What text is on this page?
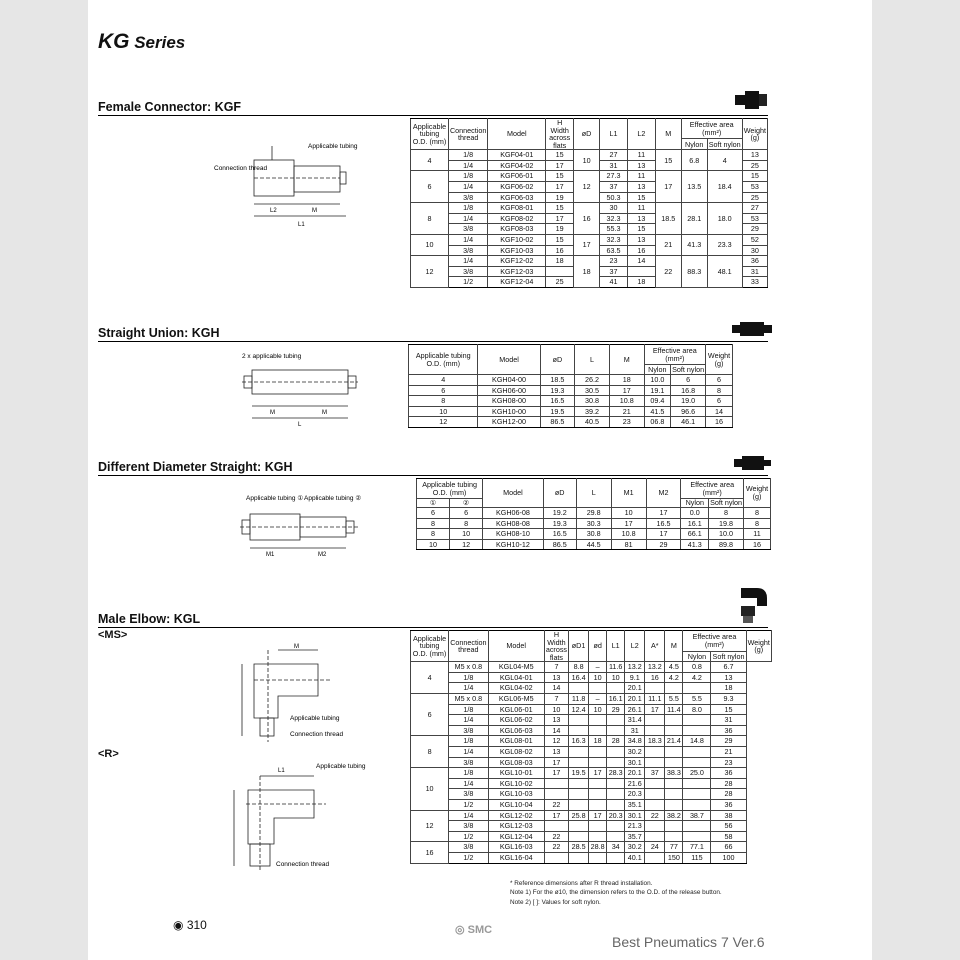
KG Series
Female Connector: KGF
Connection thread
Applicable tubing
L2	M
L1
Applicable tubing O.D. (mm)	Connection thread	Model	H Width across flats	øD	L1	L2	M	Effective area (mm²)		Weight (g)
								Nylon	Soft nylon	
4	1/8	KGF04-01	15	10	27	11	15	6.8	4	13
	1/4	KGF04-02	17		31	13				25
6	1/8	KGF06-01	15	12	27.3	11	17	13.5	18.4	15
	1/4	KGF06-02	17		37	13				53
	3/8	KGF06-03	19		50.3	15				25
8	1/8	KGF08-01	15	16	30	11	18.5	28.1	18.0	27
	1/4	KGF08-02	17		32.3	13				53
	3/8	KGF08-03	19		55.3	15				29
10	1/4	KGF10-02	15	17	32.3	13	21	41.3	23.3	52
	3/8	KGF10-03	16		63.5	16				30
12	1/4	KGF12-02	18	18	23	14	22	88.3	48.1	36
	3/8	KGF12-03			37					31
	1/2	KGF12-04	25		41	18				33
Straight Union: KGH
2 x applicable tubing
M	M
L
Applicable tubing O.D. (mm)	Model	øD	L	M	Effective area (mm²)		Weight (g)
					Nylon	Soft nylon	
4	KGH04-00	18.5	26.2	18	10.0	6	6
6	KGH06-00	19.3	30.5	17	19.1	16.8	8
8	KGH08-00	16.5	30.8	10.8	09.4	19.0	6
10	KGH10-00	19.5	39.2	21	41.5	96.6	14
12	KGH12-00	86.5	40.5	23	06.8	46.1	16
Different Diameter Straight: KGH
Applicable tubing ① Applicable tubing ②
M1	M2
Applicable tubing O.D. (mm)		Model	øD	L	M1	M2	Effective area (mm²)		Weight (g)

①	②						Nylon	Soft nylon	
6	6	KGH06-08	19.2	29.8	10	17	0.0	8	8
8	8	KGH08-08	19.3	30.3	17	16.5	16.1	19.8	8
8	10	KGH08-10	16.5	30.8	10.8	17	66.1	10.0	11
10	12	KGH10-12	86.5	44.5	81	29	41.3	89.8	16
Male Elbow: KGL
<MS>
<R>
M
Applicable tubing
Connection thread
L1
Applicable tubing
Connection thread
Applicable tubing O.D. (mm)	Connection thread	Model	H Width across flats	øD1	ød	L1	L2	A*	M	Effective area (mm²)		Weight (g)
										Nylon	Soft nylon	
4	M5 x 0.8	KGL04-M5	7	8.8	–	11.6	13.2	13.2	4.5	0.8	6.7	
	1/8	KGL04-01	13	16.4	10	10	9.1	16	4.2	4.2	13	
	1/4	KGL04-02	14				20.1				18	
6	M5 x 0.8	KGL06-M5	7	11.8	–	16.1	20.1	11.1	5.5	5.5	9.3	
	1/8	KGL06-01	10	12.4	10	29	26.1	17	11.4	8.0	15	
	1/4	KGL06-02	13				31.4				31	
	3/8	KGL06-03	14				31				36	
8	1/8	KGL08-01	12	16.3	18	28	34.8	18.3	21.4	14.8	29	
	1/4	KGL08-02	13				30.2				21	
	3/8	KGL08-03	17				30.1				23	
10	1/8	KGL10-01	17	19.5	17	28.3	20.1	37	38.3	25.0	36	
	1/4	KGL10-02					21.6				28	
	3/8	KGL10-03					20.3				28	
	1/2	KGL10-04	22				35.1				36	
12	1/4	KGL12-02	17	25.8	17	20.3	30.1	22	38.2	38.7	38	
	3/8	KGL12-03					21.3				56	
	1/2	KGL12-04	22				35.7				58	
16	3/8	KGL16-03	22	28.5	28.8	34	30.2	24	77	77.1	66	
	1/2	KGL16-04					40.1		150	115	100	
* Reference dimensions after R thread installation.
Note 1) For the ø10, the dimension refers to the O.D. of the release button.
Note 2) [ ]: Values for soft nylon.
◉ 310	◎ SMC
Best Pneumatics 7 Ver.6
